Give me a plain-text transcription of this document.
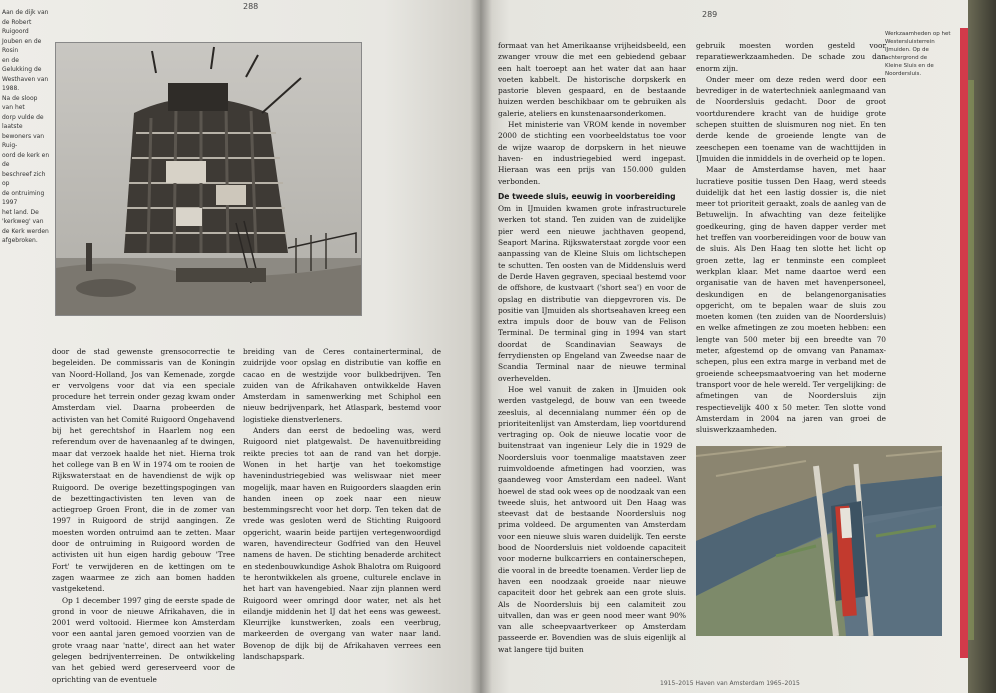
288
Aan de dijk van
de Robert Ruigoord
Jouben en de Rosin
en de Gelukking de
Westhaven van 1988.
Na de sloop van het
dorp vulde de laatste
bewoners van Ruig-
oord de kerk en de
beschreef zich op
de ontruiming 1997
het land. De
'kerkweg' van
de Kerk werden
afgebroken.

door de stad gewenste grensocorrectie te begeleiden. De commissaris van de Koningin van Noord-Holland, Jos van Kemenade, zorgde er vervolgens voor dat via een speciale procedure het terrein onder gezag kwam onder Amsterdam viel. Daarna probeerden de activisten van het Comité Ruigoord Ongehavend bij het gerechtshof in Haarlem nog een referendum over de havenaanleg af te dwingen, maar dat verzoek haalde het niet. Hierna trok het college van B en W in 1974 om te rooien de Rijkswaterstaat en de havendienst de wijk op Ruigoord. De overige bezettingspogingen van de bezettingactivisten ten leven van de actiegroep Groen Front, die in de zomer van 1997 in Ruigoord de strijd aangingen. Ze moesten worden ontruimd aan te zetten. Maar door de ontruiming in Ruigoord worden de activisten uit hun eigen hardig gebouw 'Tree Fort' te verwijderen en de kettingen om te zagen waarmee ze zich aan bomen hadden vastgeketend.

Op 1 december 1997 ging de eerste spade de grond in voor de nieuwe Afrikahaven, die in 2001 werd voltooid. Hiermee kon Amsterdam voor een aantal jaren gemoed voorzien van de grote vraag naar 'natte', direct aan het water gelegen bedrijventerreinen. De ontwikkeling van het gebied werd gereserveerd voor de oprichting van de eventuele

breiding van de Ceres containerterminal, de zuidrijde voor opslag en distributie van koffie en cacao en de westzijde voor bulkbedrijven. Ten zuiden van de Afrikahaven ontwikkelde Haven Amsterdam in samenwerking met Schiphol een nieuw bedrijvenpark, het Atlaspark, bestemd voor logistieke dienstverleners.

Anders dan eerst de bedoeling was, werd Ruigoord niet platgewalst. De havenuitbreiding reikte precies tot aan de rand van het dorpje. Wonen in het hartje van het toekomstige havenindustriegebied was weliswaar niet meer mogelijk, maar haven en Ruigoorders slaagden erin handen ineen op zoek naar een nieuw bestemmingsrecht voor het dorp. Ten teken dat de vrede was gesloten werd de Stichting Ruigoord opgericht, waarin beide partijen vertegenwoordigd waren, havendirecteur Godfried van den Heuvel namens de haven. De stichting benaderde architect en stedenbouwkundige Ashok Bhalotra om Ruigoord te herontwikkelen als groene, culturele enclave in het hart van havengebied. Naar zijn plannen werd Ruigoord weer omringd door water, net als het eilandje middenin het IJ dat het eens was geweest. Kleurrijke kunstwerken, zoals een veerbrug, markeerden de overgang van water naar land. Bovenop de dijk bij de Afrikahaven verrees een landschapspark.

289

formaat van het Amerikaanse vrijheidsbeeld, een zwanger vrouw die met een gebiedend gebaar een halt toeroept aan het water dat aan haar voeten kabbelt. De historische dorpskerk en pastorie bleven gespaard, en de bestaande huizen werden beschikbaar om te gebruiken als galerie, ateliers en kunstenaarsonderkomen.

Het ministerie van VROM kende in november 2000 de stichting een voorbeeldstatus toe voor de wijze waarop de dorpskern in het nieuwe haven- en industriegebied werd ingepast. Hieraan was een prijs van 150.000 gulden verbonden.

De tweede sluis, eeuwig in voorbereiding

Om in IJmuiden kwamen grote infrastructurele werken tot stand. Ten zuiden van de zuidelijke pier werd een nieuwe jachthaven geopend, Seaport Marina. Rijkswaterstaat zorgde voor een aanpassing van de Kleine Sluis om lichtschepen te schutten. Ten oosten van de Middensluis werd de Derde Haven gegraven, speciaal bestemd voor de offshore, de kustvaart ('short sea') en voor de opslag en distributie van diepgevroren vis. De positie van IJmuiden als shortseahaven kreeg een extra impuls door de bouw van de Felison Terminal. De terminal ging in 1994 van start doordat de Scandinavian Seaways de ferrydiensten op Engeland van Zweedse naar de Scandia Terminal naar de nieuwe terminal overhevelden.

Hoe wel vanuit de zaken in IJmuiden ook werden vastgelegd, de bouw van een tweede zeesluis, al decennialang nummer één op de prioriteitenlijst van Amsterdam, liep voortdurend vertraging op. Ook de nieuwe locatie voor de buitenstraat van ingenieur Lely die in 1929 de Noordersluis voor toenmalige maatstaven zeer ruimvoldoende afmetingen had voorzien, was gaandeweg voor Amsterdam een nadeel. Want hoewel de stad ook wees op de noodzaak van een tweede sluis, het antwoord uit Den Haag was steevast dat de bestaande Noordersluis nog prima voldeed. De argumenten van Amsterdam voor een nieuwe sluis waren duidelijk. Ten eerste bood de Noordersluis niet voldoende capaciteit voor moderne bulkcarriers en containerschepen, die vooral in de breedte toenamen. Verder liep de haven een noodzaak groeide naar nieuwe capaciteit door het gebrek aan een grote sluis. Als de Noordersluis bij een calamiteit zou uitvallen, dan was er geen nood meer want 90% van alle scheepvaartverkeer op Amsterdam passeerde er. Bovendien was de sluis eigenlijk al wat langere tijd buiten

gebruik moesten worden gesteld voor reparatiewerkzaamheden. De schade zou dan enorm zijn.

Onder meer om deze reden werd door een bevrediger in de watertechniek aanlegmaand van de Noordersluis gedacht. Door de groot voortdurendere kracht van de huidige grote schepen stuitten de sluismuren nog niet. En ten derde kende de groeiende lengte van de zeeschepen een toename van de wachttijden in IJmuiden die inmiddels in de overheid op te lopen.

Maar de Amsterdamse haven, met haar lucratieve positie tussen Den Haag, werd steeds duidelijk dat het een lastig dossier is, die niet meer tot prioriteit geraakt, zoals de aanleg van de Betuwelijn. In afwachting van deze feitelijke goedkeuring, ging de haven dapper verder met het treffen van voorbereidingen voor de bouw van de sluis. Als Den Haag ten slotte het licht op groen zette, lag er tenminste een compleet werkplan klaar. Met name daartoe werd een organisatie van de haven met havenpersoneel, deskundigen en de belangenorganisaties opgericht, om te bepalen waar de sluis zou moeten komen (ten zuiden van de Noordersluis) en welke afmetingen ze zou moeten hebben: een lengte van 500 meter bij een breedte van 70 meter, afgestemd op de omvang van Panamax-schepen, plus een extra marge in verband met de groeiende scheepsmaatvoering van het moderne transport voor de hele wereld. Ter vergelijking: de afmetingen van de Noordersluis zijn respectievelijk 400 x 50 meter. Ten slotte vond Amsterdam in 2004 na jaren van groei de sluiswerkzaamheden.

1915–2015 Haven van Amsterdam 1965–2015
Werkzaamheden op het
Westersluisterrein
IJmuiden. Op de
achtergrond de
Kleine Sluis en de
Noordersluis.
